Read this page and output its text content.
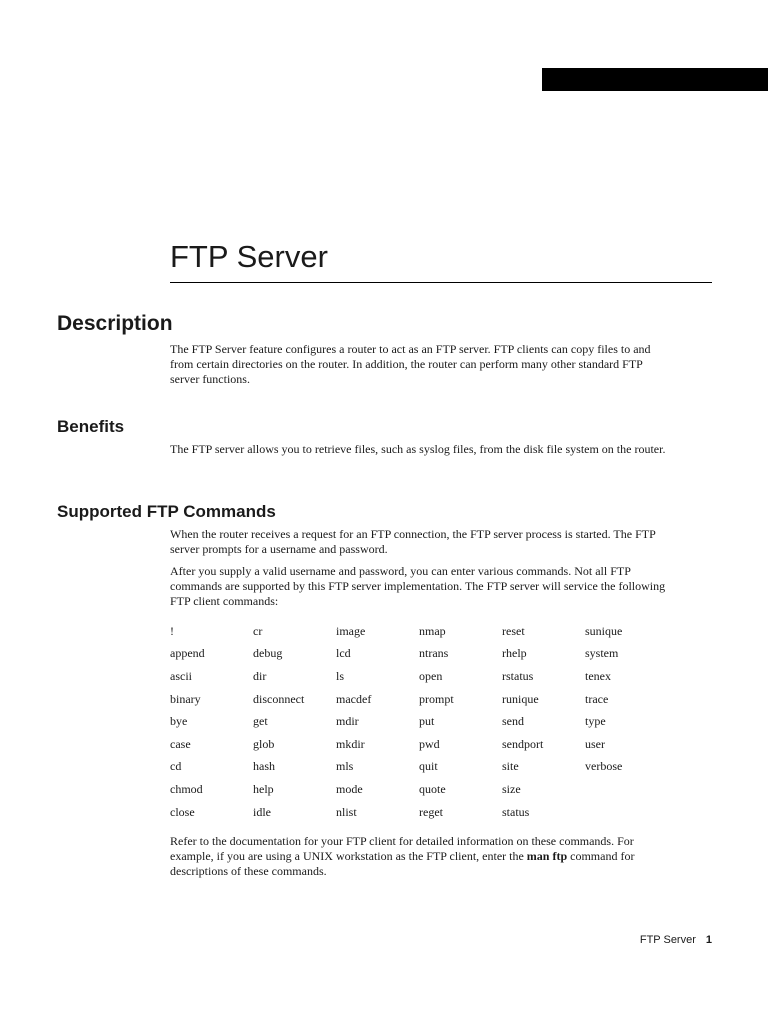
FTP Server
Description

The FTP Server feature configures a router to act as an FTP server. FTP clients can copy files to and from certain directories on the router. In addition, the router can perform many other standard FTP server functions.

Benefits

The FTP server allows you to retrieve files, such as syslog files, from the disk file system on the router.

Supported FTP Commands

When the router receives a request for an FTP connection, the FTP server process is started. The FTP server prompts for a username and password.

After you supply a valid username and password, you can enter various commands. Not all FTP commands are supported by this FTP server implementation. The FTP server will service the following FTP client commands:

!	cr	image	nmap	reset	sunique
append	debug	lcd	ntrans	rhelp	system
ascii	dir	ls	open	rstatus	tenex
binary	disconnect	macdef	prompt	runique	trace
bye	get	mdir	put	send	type
case	glob	mkdir	pwd	sendport	user
cd	hash	mls	quit	site	verbose
chmod	help	mode	quote	size
close	idle	nlist	reget	status

Refer to the documentation for your FTP client for detailed information on these commands. For example, if you are using a UNIX workstation as the FTP client, enter the man ftp command for descriptions of these commands.

FTP Server 1
